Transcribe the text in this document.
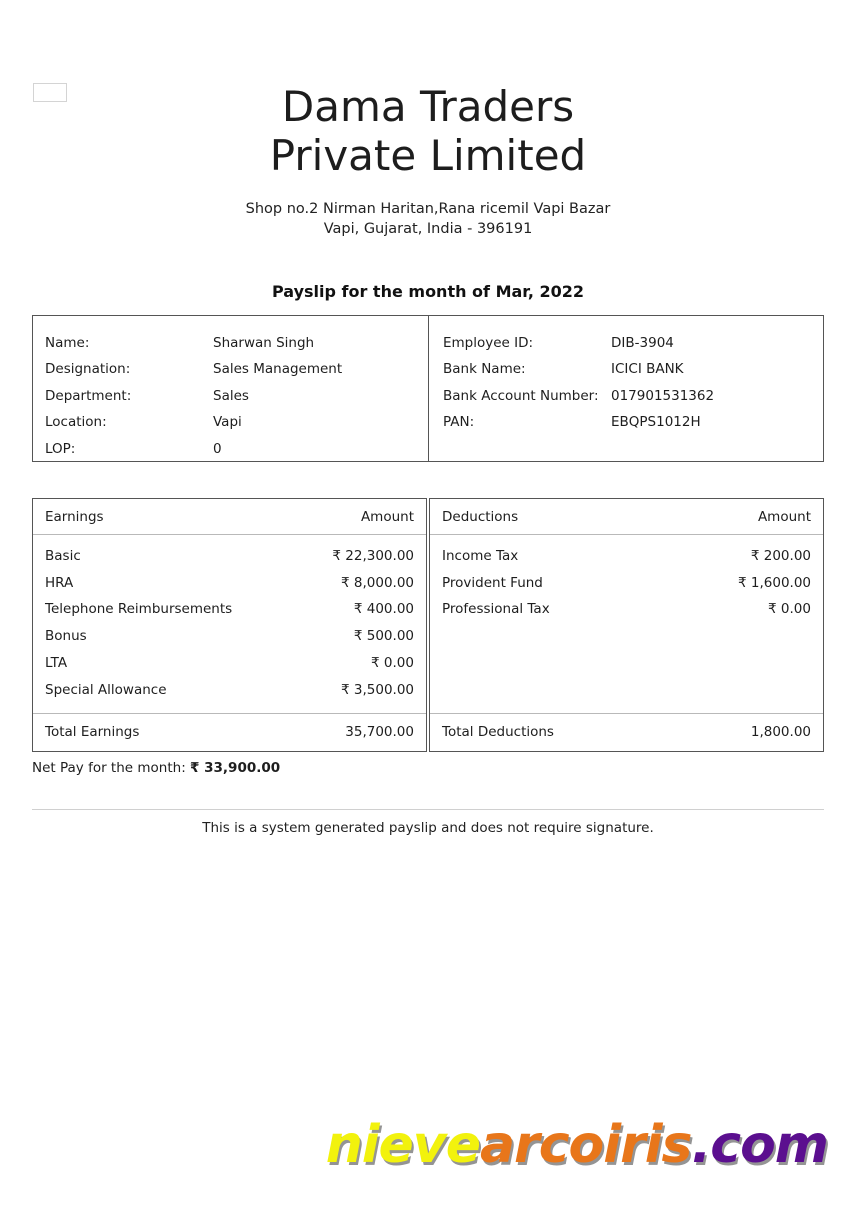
Dama Traders
Private Limited
Shop no.2 Nirman Haritan,Rana ricemil Vapi Bazar
Vapi, Gujarat, India - 396191
Payslip for the month of Mar, 2022
Name:	Sharwan Singh
Designation:	Sales Management
Department:	Sales
Location:	Vapi
LOP:	0
Employee ID:	DIB-3904
Bank Name:	ICICI BANK
Bank Account Number: 017901531362
PAN:	EBQPS1012H
Earnings	Amount
Basic	₹ 22,300.00
HRA	₹ 8,000.00
Telephone Reimbursements	₹ 400.00
Bonus	₹ 500.00
LTA	₹ 0.00
Special Allowance	₹ 3,500.00
Total Earnings	35,700.00
Deductions	Amount
Income Tax	₹ 200.00
Provident Fund	₹ 1,600.00
Professional Tax	₹ 0.00
Total Deductions	1,800.00
Net Pay for the month: ₹ 33,900.00
This is a system generated payslip and does not require signature.
nievearcoiris.com
